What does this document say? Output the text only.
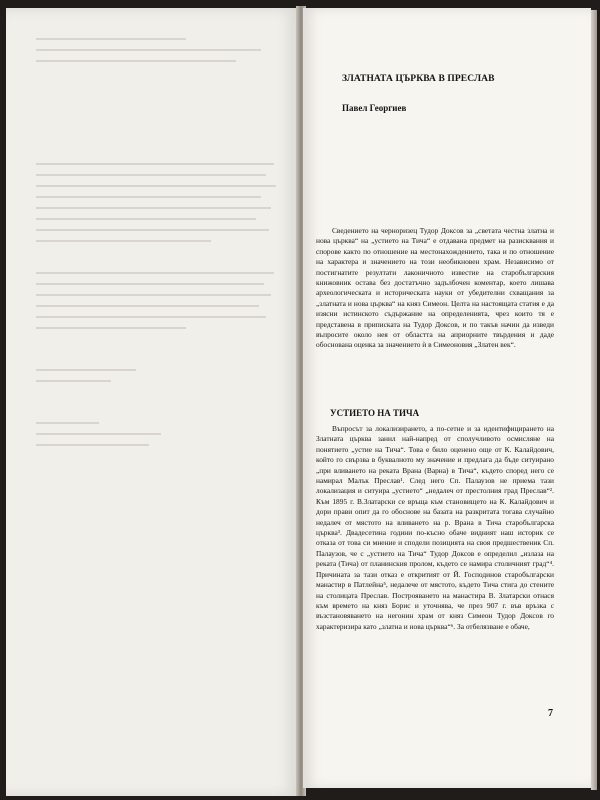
ЗЛАТНАТА ЦЪРКВА В ПРЕСЛАВ
Павел Георгиев

Сведението на черноризец Тудор Доксов за „светата честна златна и нова църква“ на „устието на Тича“ е отдавана предмет на разисквания и спорове както по отношение на местонахождението, така и по отношение на характера и значението на този необикновен храм. Независимо от постигнатите резултати лаконичното известие на старобългарския книжовник остава без достатъчно задълбочен коментар, което лишава археологическата и историческата науки от убедителни схващания за „златната и нова църква“ на княз Симеон. Целта на настоящата статия е да изясни истинското съдържание на определенията, чрез които тя е представена в приписката на Тудор Доксов, и по такъв начин да изведи въпросите около нея от областта на априорните твърдения и даде обоснована оценка за значението ѝ в Симеоновия „Златен век“.

УСТИЕТО НА ТИЧА

Въпросът за локализирането, а по-сетне и за идентифицирането на Златната църква занил най-напред от сполучливото осмисляне на понятието „устие на Тича“. Това е било оценено още от К. Калайдович, който го свързва в буквалното му значение и предлага да бъде ситуирано „при вливането на реката Врана (Варна) в Тича“, където според него се намирал Малък Преслав¹. След него Сп. Палаузов не приема тази локализация и ситуира „устието“ „недалеч от престолния град Преслав“². Към 1895 г. В.Златарски се връща към становището на К. Калайдович и дори прави опит да го обоснове на базата на разкритата тогава случайно недалеч от мястото на вливането на р. Врана в Тича старобългарска църква³. Двадесетина години по-късно обаче видният наш историк се отказа от това си мнение и сподели позицията на своя предшественик Сп. Палаузов, че с „устието на Тича“ Тудор Доксов е определил „излаза на реката (Тича) от планинския пролом, където се намира столичният град“⁴. Причината за тази отказ е откритият от Й. Господинов старобългарски манастир в Патлейна⁵, недалече от мястото, където Тича стига до стените на столицата Преслав. Построяването на манастира В. Златарски отнася към времето на княз Борис и уточнява, че през 907 г. във връзка с възстановяването на негонин храм от княз Симеон Тудор Доксов го характеризира като „златна и нова църква“⁶. За отбелязване е обаче,

7
